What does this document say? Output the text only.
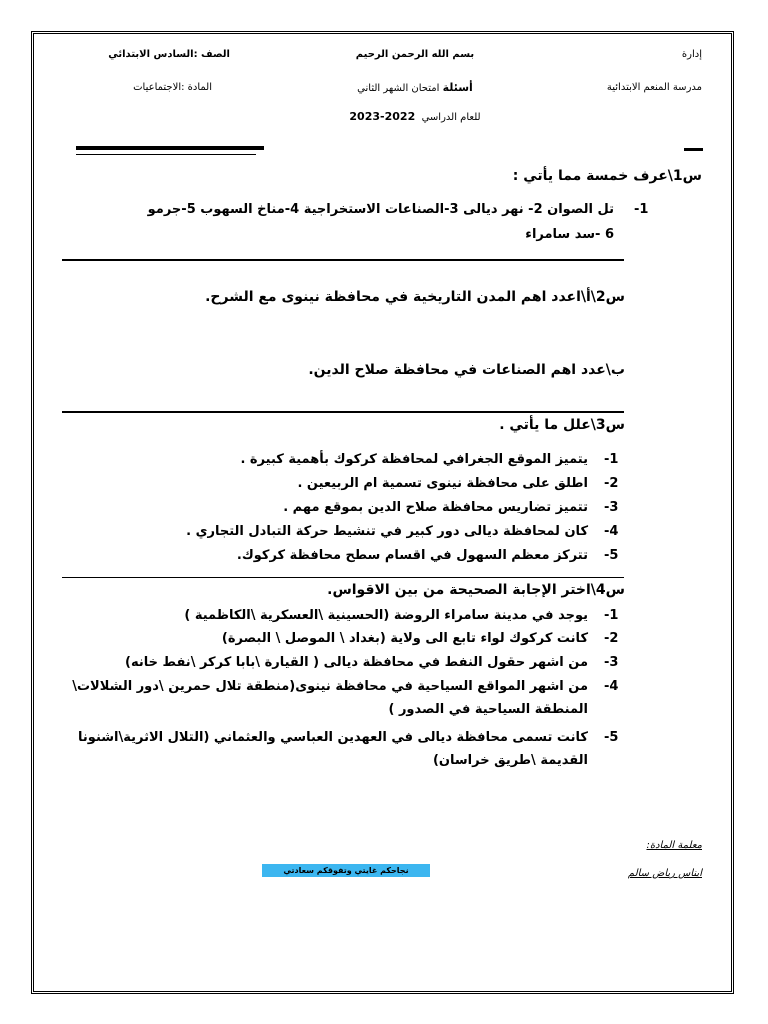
إدارة
مدرسة المنعم الابتدائية
بسم الله الرحمن الرحيم
أسئلة امتحان الشهر الثاني
للعام الدراسي  2022-2023
الصف :السادس الابتدائي
المادة :الاجتماعيات
س1\عرف خمسة مما يأتي :
-1
تل الصوان 2- نهر ديالى 3-الصناعات الاستخراجية 4-مناخ السهوب 5-جرمو
6 -سد سامراء
س2\أ\اعدد اهم المدن التاريخية في محافظة نينوى مع الشرح.
ب\عدد اهم الصناعات في محافظة صلاح الدين.
س3\علل ما يأتي .
-1
يتميز الموقع الجغرافي لمحافظة كركوك بأهمية كبيرة .
-2
اطلق على محافظة نينوى تسمية ام الربيعين .
-3
تتميز تضاريس محافظة صلاح الدين بموقع مهم .
-4
كان لمحافظة ديالى دور كبير في تنشيط حركة التبادل التجاري .
-5
تتركز معظم السهول في اقسام سطح محافظة كركوك.
س4\اختر الإجابة الصحيحة من بين الاقواس.
-1
يوجد في مدينة سامراء الروضة (الحسينية \العسكرية \الكاظمية )
-2
كانت كركوك لواء تابع الى ولاية (بغداد \ الموصل \ البصرة)
-3
من اشهر حقول النفط في محافظة ديالى ( القيارة \بابا كركر \نفط خانه)
-4
من اشهر المواقع السياحية في محافظة نينوى(منطقة تلال حمرين \دور الشلالات\
المنطقة السياحية في الصدور )
-5
كانت تسمى محافظة ديالى في العهدين العباسي والعثماني (التلال الاثرية\اشنونا
القديمة \طريق خراسان)
معلمة المادة:
ايناس رياض سالم
نجاحكم غايتي وتفوقكم سعادتي
